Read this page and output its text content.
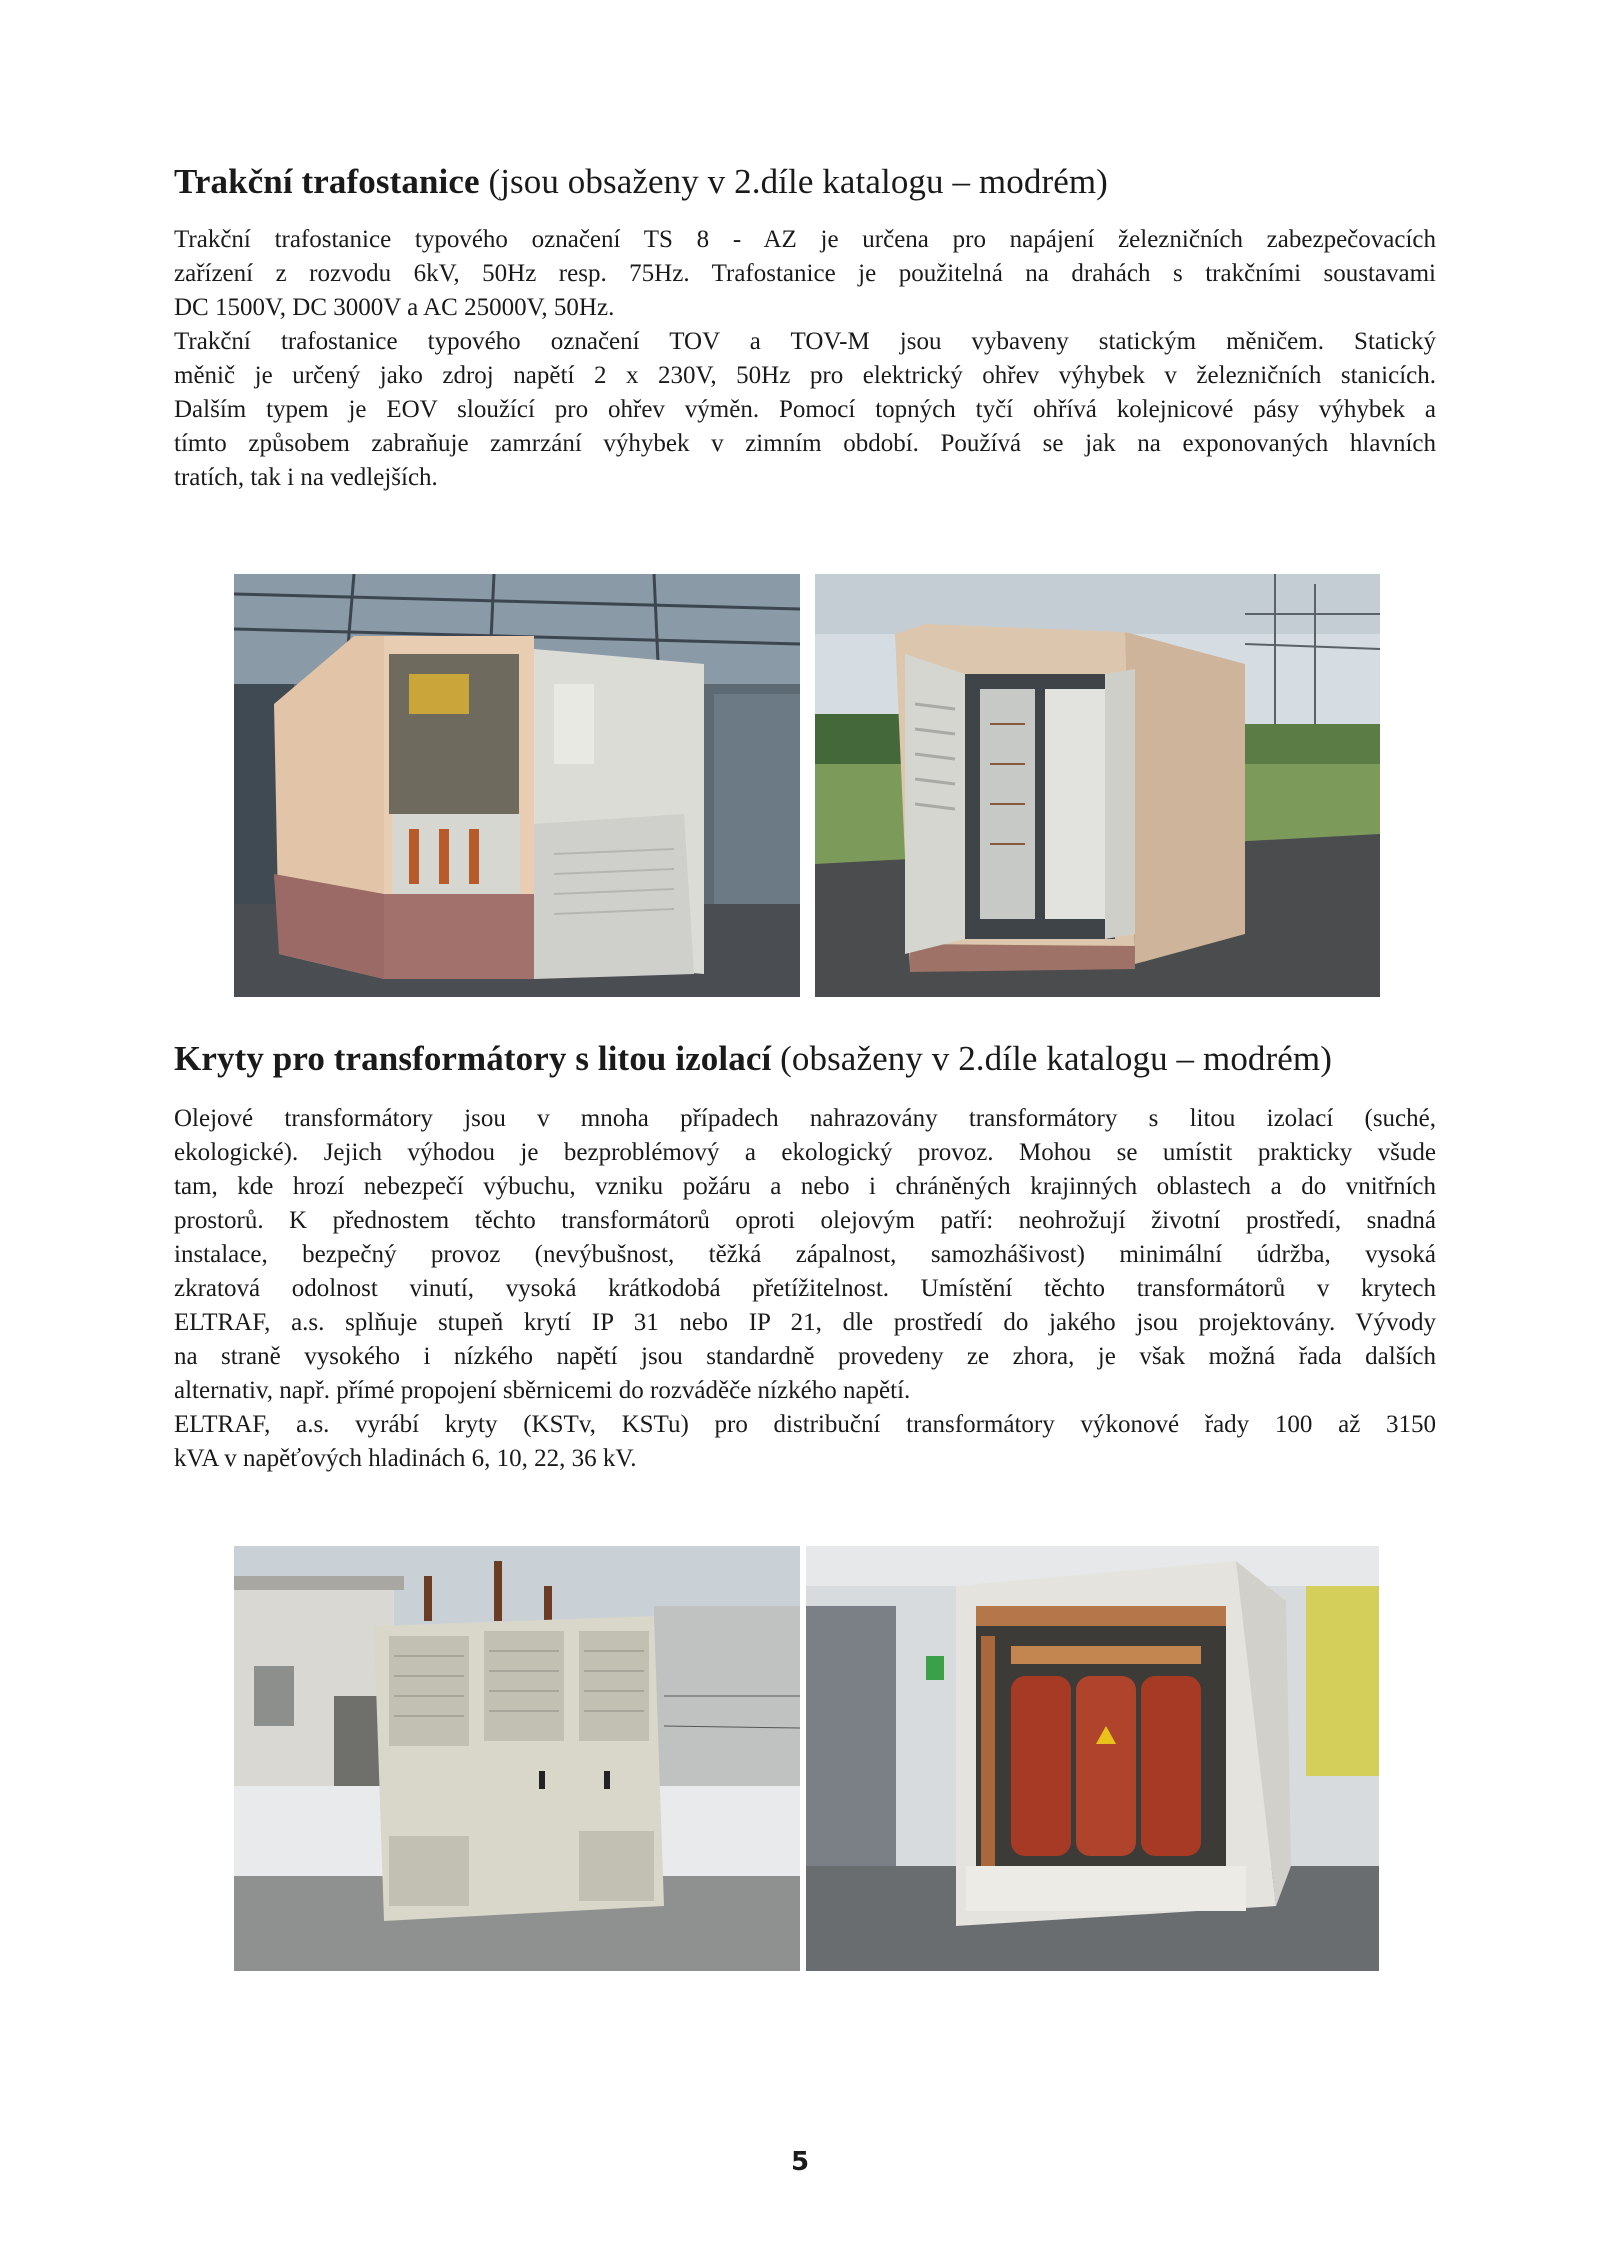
Trakční trafostanice (jsou obsaženy v 2.díle katalogu – modrém)

Trakční trafostanice typového označení TS 8 - AZ je určena pro napájení železničních zabezpečovacích
zařízení z rozvodu 6kV, 50Hz resp. 75Hz. Trafostanice je použitelná na drahách s trakčními soustavami
DC 1500V, DC 3000V a AC 25000V, 50Hz.
Trakční trafostanice typového označení TOV a TOV-M jsou vybaveny statickým měničem. Statický
měnič je určený jako zdroj napětí 2 x 230V, 50Hz pro elektrický ohřev výhybek v železničních stanicích.
Dalším typem je EOV sloužící pro ohřev výměn. Pomocí topných tyčí ohřívá kolejnicové pásy výhybek a
tímto způsobem zabraňuje zamrzání výhybek v zimním období. Používá se jak na exponovaných hlavních
tratích, tak i na vedlejších.

Kryty pro transformátory s litou izolací (obsaženy v 2.díle katalogu – modrém)

Olejové transformátory jsou v mnoha případech nahrazovány transformátory s litou izolací (suché,
ekologické). Jejich výhodou je bezproblémový a ekologický provoz. Mohou se umístit prakticky všude
tam, kde hrozí nebezpečí výbuchu, vzniku požáru a nebo i chráněných krajinných oblastech a do vnitřních
prostorů. K přednostem těchto transformátorů oproti olejovým patří: neohrožují životní prostředí, snadná
instalace, bezpečný provoz (nevýbušnost, těžká zápalnost, samozhášivost) minimální údržba, vysoká
zkratová odolnost vinutí, vysoká krátkodobá přetížitelnost. Umístění těchto transformátorů v krytech
ELTRAF, a.s. splňuje stupeň krytí IP 31 nebo IP 21, dle prostředí do jakého jsou projektovány. Vývody
na straně vysokého i nízkého napětí jsou standardně provedeny ze zhora, je však možná řada dalších
alternativ, např. přímé propojení sběrnicemi do rozváděče nízkého napětí.
ELTRAF, a.s. vyrábí kryty (KSTv, KSTu) pro distribuční transformátory výkonové řady 100 až 3150
kVA v napěťových hladinách 6, 10, 22, 36 kV.

5
